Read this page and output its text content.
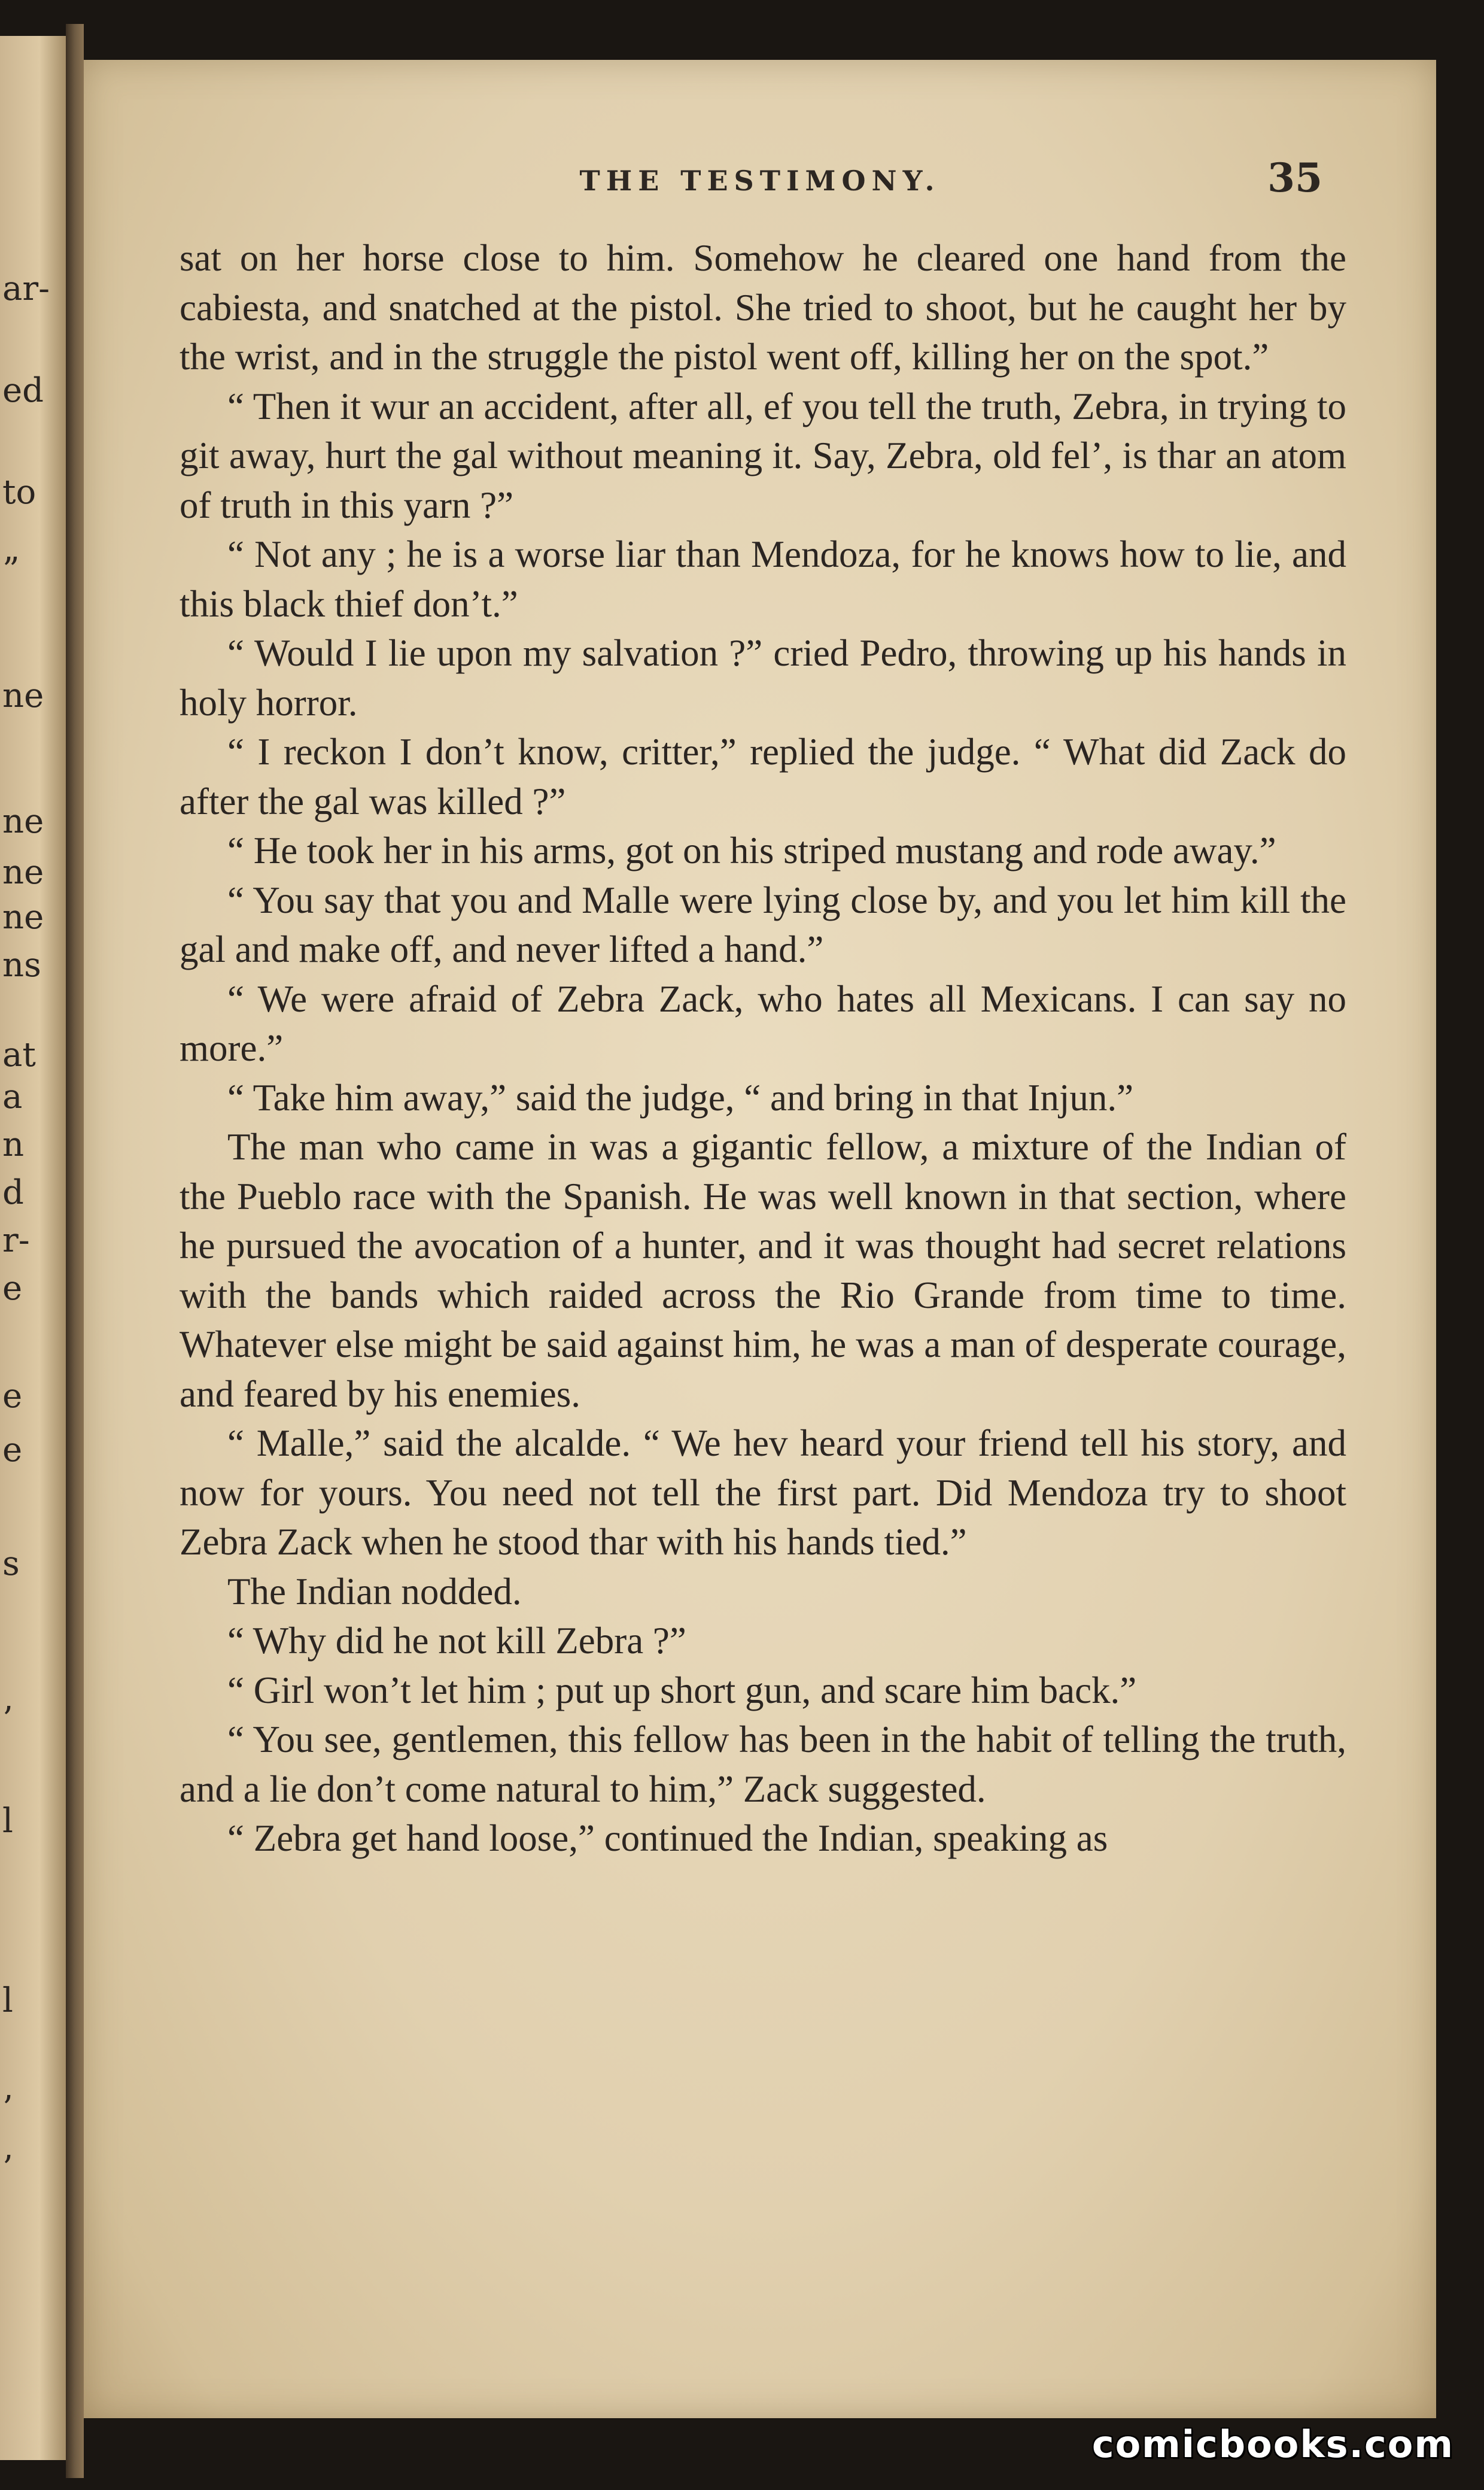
ar-
ed
to
”
ne
ne
ne
ne
ns
at
a
n
d
r-
e
e
e
s
’
l
l
’
’
THE TESTIMONY.	35

sat on her horse close to him. Somehow he cleared one hand from the cabiesta, and snatched at the pistol. She tried to shoot, but he caught her by the wrist, and in the struggle the pistol went off, killing her on the spot.”

“ Then it wur an accident, after all, ef you tell the truth, Zebra, in trying to git away, hurt the gal without meaning it. Say, Zebra, old fel’, is thar an atom of truth in this yarn ?”

“ Not any ; he is a worse liar than Mendoza, for he knows how to lie, and this black thief don’t.”

“ Would I lie upon my salvation ?” cried Pedro, throwing up his hands in holy horror.

“ I reckon I don’t know, critter,” replied the judge. “ What did Zack do after the gal was killed ?”

“ He took her in his arms, got on his striped mustang and rode away.”

“ You say that you and Malle were lying close by, and you let him kill the gal and make off, and never lifted a hand.”

“ We were afraid of Zebra Zack, who hates all Mexicans. I can say no more.”

“ Take him away,” said the judge, “ and bring in that Injun.”

The man who came in was a gigantic fellow, a mixture of the Indian of the Pueblo race with the Spanish. He was well known in that section, where he pursued the avocation of a hunter, and it was thought had secret relations with the bands which raided across the Rio Grande from time to time. Whatever else might be said against him, he was a man of desperate courage, and feared by his enemies.

“ Malle,” said the alcalde. “ We hev heard your friend tell his story, and now for yours. You need not tell the first part. Did Mendoza try to shoot Zebra Zack when he stood thar with his hands tied.”

The Indian nodded.

“ Why did he not kill Zebra ?”

“ Girl won’t let him ; put up short gun, and scare him back.”

“ You see, gentlemen, this fellow has been in the habit of telling the truth, and a lie don’t come natural to him,” Zack suggested.

“ Zebra get hand loose,” continued the Indian, speaking as

comicbooks.com
